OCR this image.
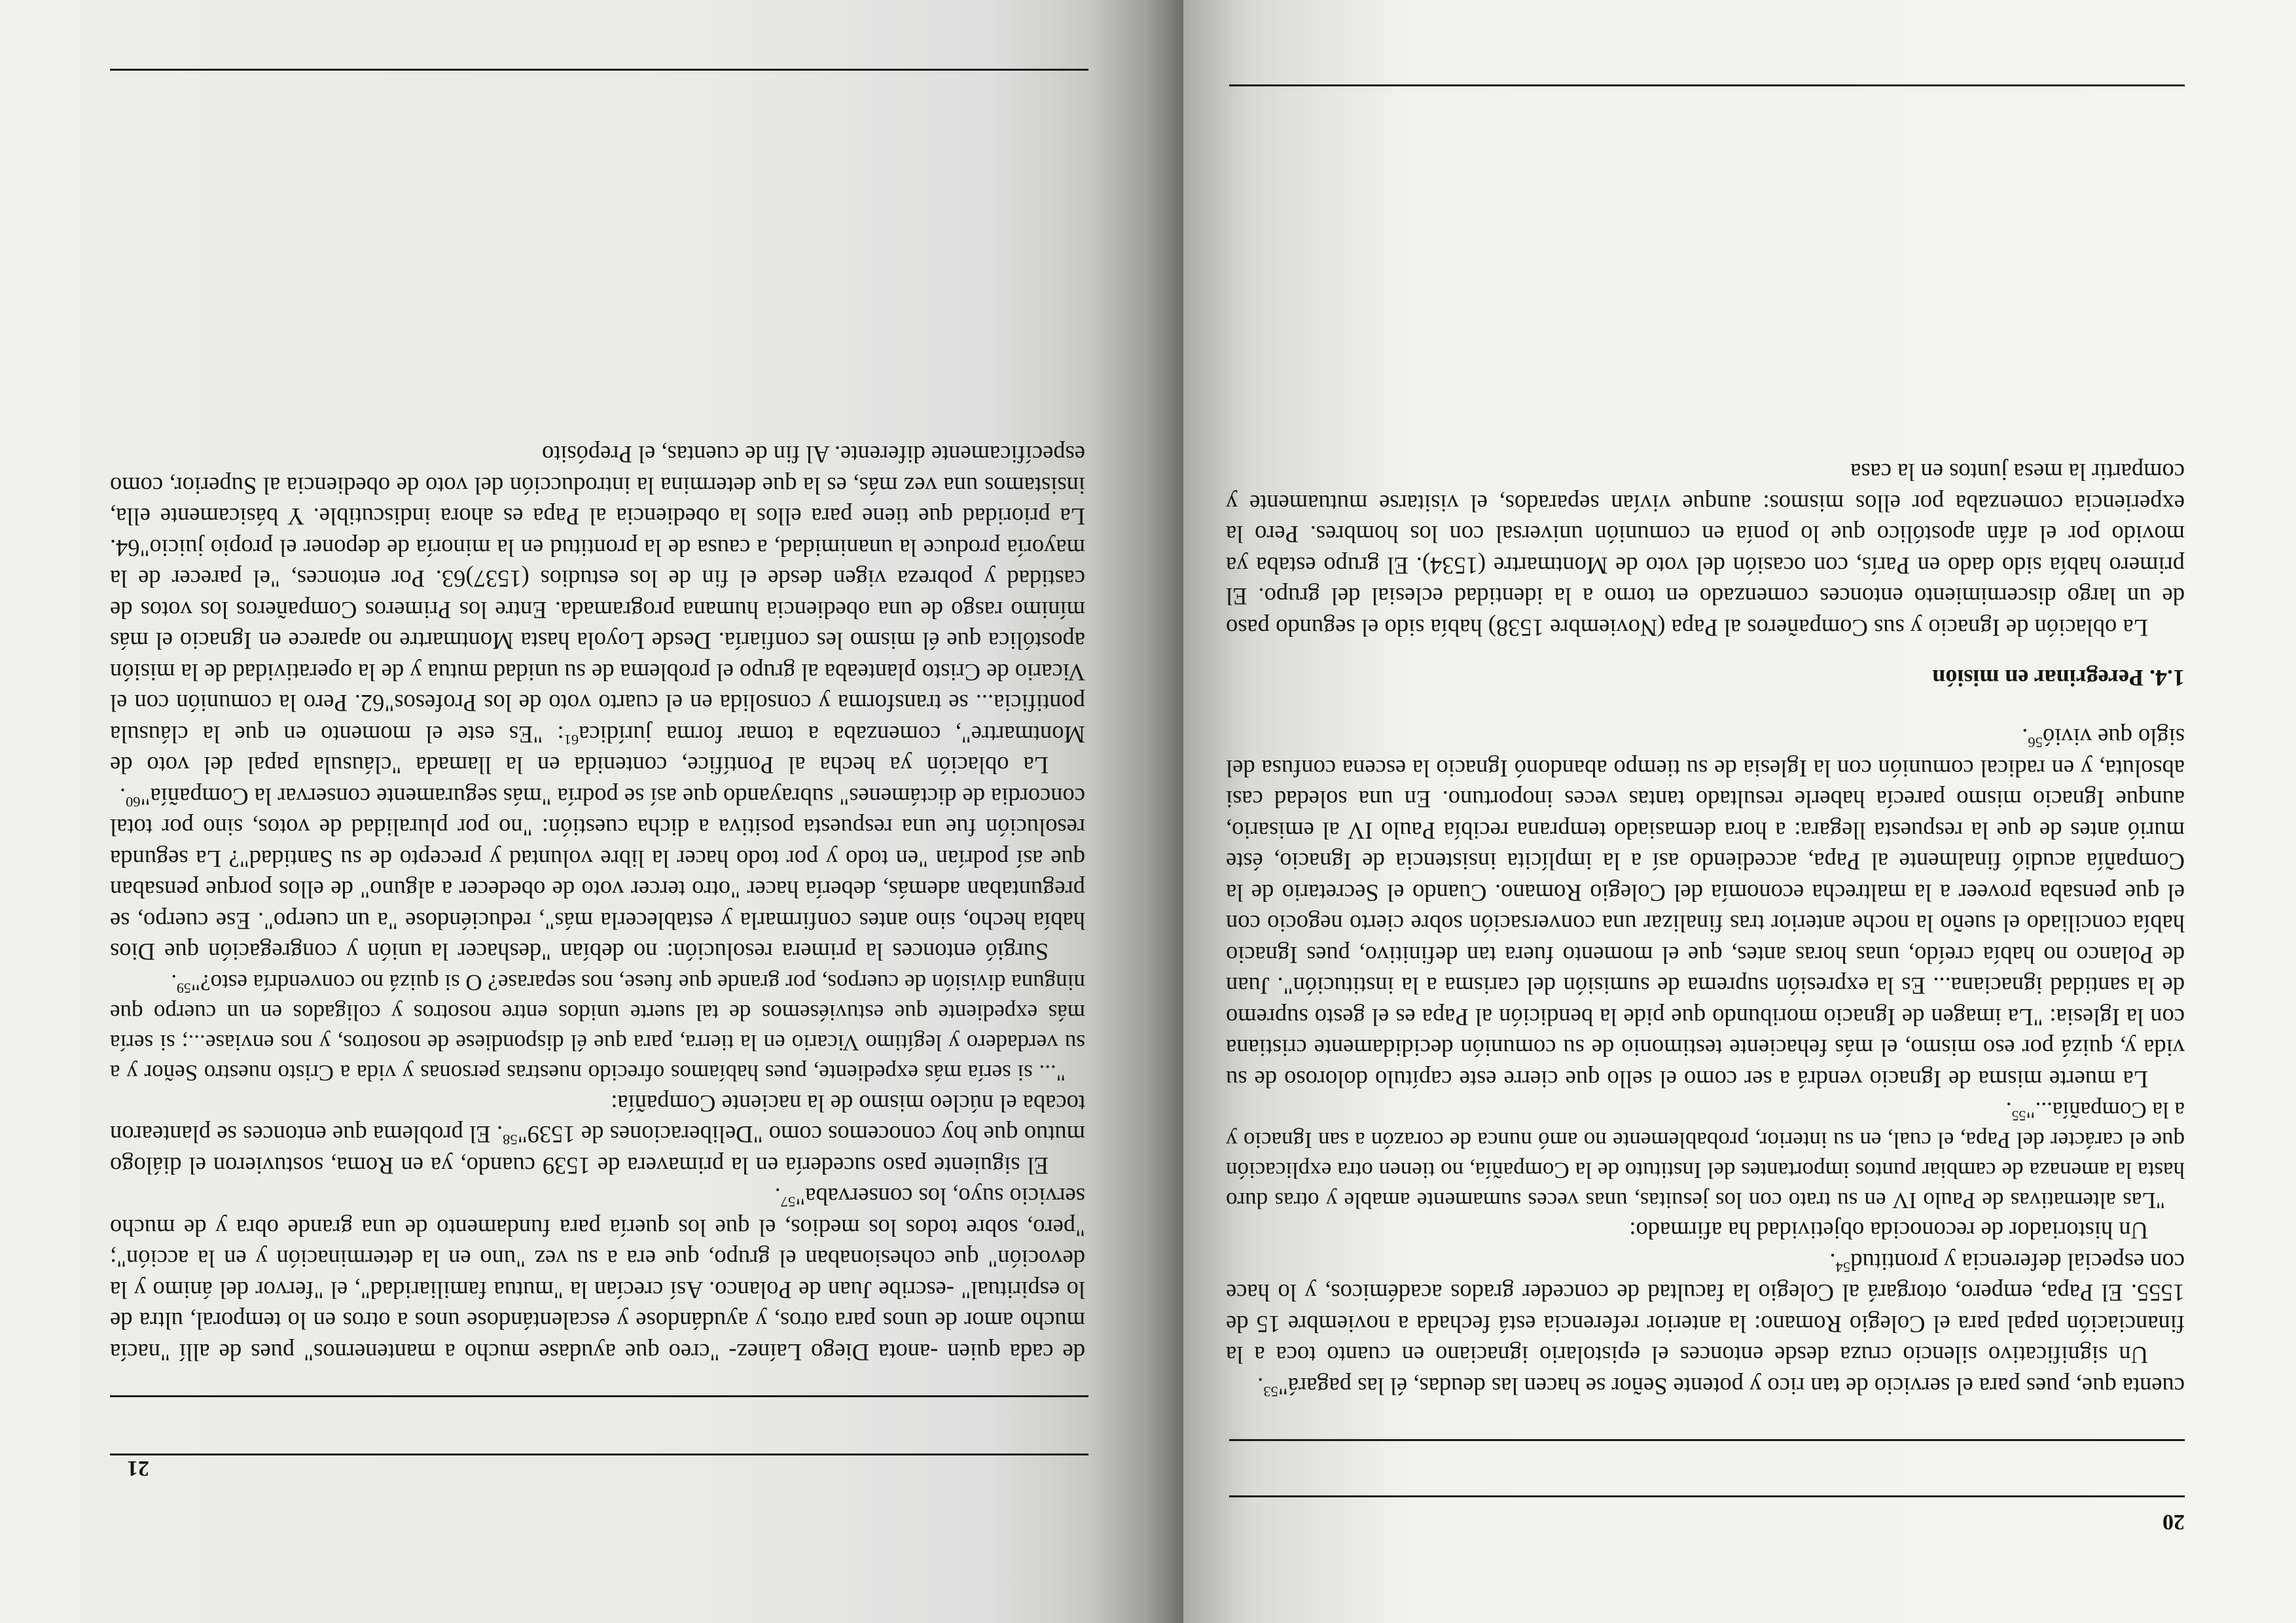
20

cuenta que, pues para el servicio de tan rico y potente Señor se hacen las deudas, él las pagará"$^{53}$.

Un significativo silencio cruza desde entonces el epistolario ignaciano en cuanto toca a la financiación papal para el Colegio Romano: la anterior referencia está fechada a noviembre 15 de 1555. El Papa, empero, otorgará al Colegio la facultad de conceder grados académicos, y lo hace con especial deferencia y prontitud$^{54}$.

Un historiador de reconocida objetividad ha afirmado:

"Las alternativas de Paulo IV en su trato con los jesuitas, unas veces sumamente amable y otras duro hasta la amenaza de cambiar puntos importantes del Instituto de la Compañía, no tienen otra explicación que el carácter del Papa, el cual, en su interior, probablemente no amó nunca de corazón a san Ignacio y a la Compañía..."$^{55}$.

La muerte misma de Ignacio vendrá a ser como el sello que cierre este capítulo doloroso de su vida y, quizá por eso mismo, el más fehaciente testimonio de su comunión decididamente cristiana con la Iglesia: "La imagen de Ignacio moribundo que pide la bendición al Papa es el gesto supremo de la santidad ignaciana... Es la expresión suprema de sumisión del carisma a la institución". Juan de Polanco no había creído, unas horas antes, que el momento fuera tan definitivo, pues Ignacio había conciliado el sueño la noche anterior tras finalizar una conversación sobre cierto negocio con el que pensaba proveer a la maltrecha economía del Colegio Romano. Cuando el Secretario de la Compañía acudió finalmente al Papa, accediendo así a la implícita insistencia de Ignacio, éste murió antes de que la respuesta llegara: a hora demasiado temprana recibía Paulo IV al emisario, aunque Ignacio mismo parecía haberle resultado tantas veces inoportuno. En una soledad casi absoluta, y en radical comunión con la Iglesia de su tiempo abandonó Ignacio la escena confusa del siglo que vivió$^{56}$.

1.4. Peregrinar en misión

La oblación de Ignacio y sus Compañeros al Papa (Noviembre 1538) había sido el segundo paso de un largo discernimiento entonces comenzado en torno a la identidad eclesial del grupo. El primero había sido dado en París, con ocasión del voto de Montmartre (1534). El grupo estaba ya movido por el afán apostólico que lo ponía en comunión universal con los hombres. Pero la experiencia comenzaba por ellos mismos: aunque vivían separados, el visitarse mutuamente y compartir la mesa juntos en la casa

21

de cada quien -anota Diego Laínez- "creo que ayudase mucho a mantenernos" pues de allí "nacía mucho amor de unos para otros, y ayudándose y escalentándose unos a otros en lo temporal, ultra de lo espiritual" -escribe Juan de Polanco. Así crecían la "mutua familiaridad", el "fervor del ánimo y la devoción" que cohesionaban el grupo, que era a su vez "uno en la determinación y en la acción"; "pero, sobre todos los medios, el que los quería para fundamento de una grande obra y de mucho servicio suyo, los conservaba"$^{57}$.

El siguiente paso sucedería en la primavera de 1539 cuando, ya en Roma, sostuvieron el diálogo mutuo que hoy conocemos como "Deliberaciones de 1539"$^{58}$. El problema que entonces se plantearon tocaba el núcleo mismo de la naciente Compañía:

"... si sería más expediente, pues habíamos ofrecido nuestras personas y vida a Cristo nuestro Señor y a su verdadero y legítimo Vicario en la tierra, para que él dispondiese de nosotros, y nos enviase...; si sería más expediente que estuviésemos de tal suerte unidos entre nosotros y coligados en un cuerpo que ninguna división de cuerpos, por grande que fuese, nos separase? O si quizá no convendría esto?"$^{59}$.

Surgió entonces la primera resolución: no debían "deshacer la unión y congregación que Dios había hecho, sino antes confirmarla y establecerla más", reduciéndose "a un cuerpo". Ese cuerpo, se preguntaban además, debería hacer "otro tercer voto de obedecer a alguno" de ellos porque pensaban que así podrían "en todo y por todo hacer la libre voluntad y precepto de su Santidad"? La segunda resolución fue una respuesta positiva a dicha cuestión: "no por pluralidad de votos, sino por total concordia de dictámenes" subrayando que así se podría "más seguramente conservar la Compañía"$^{60}$.

La oblación ya hecha al Pontífice, contenida en la llamada "cláusula papal del voto de Montmartre", comenzaba a tomar forma jurídica$^{61}$: "Es este el momento en que la cláusula pontificia... se transforma y consolida en el cuarto voto de los Profesos"62. Pero la comunión con el Vicario de Cristo planteaba al grupo el problema de su unidad mutua y de la operatividad de la misión apostólica que él mismo les confiaría. Desde Loyola hasta Montmartre no aparece en Ignacio el más mínimo rasgo de una obediencia humana programada. Entre los Primeros Compañeros los votos de castidad y pobreza vigen desde el fin de los estudios (1537)63. Por entonces, "el parecer de la mayoría produce la unanimidad, a causa de la prontitud en la minoría de deponer el propio juicio"64. La prioridad que tiene para ellos la obediencia al Papa es ahora indiscutible. Y básicamente ella, insistamos una vez más, es la que determina la introducción del voto de obediencia al Superior, como específicamente diferente. Al fin de cuentas, el Prepósito
